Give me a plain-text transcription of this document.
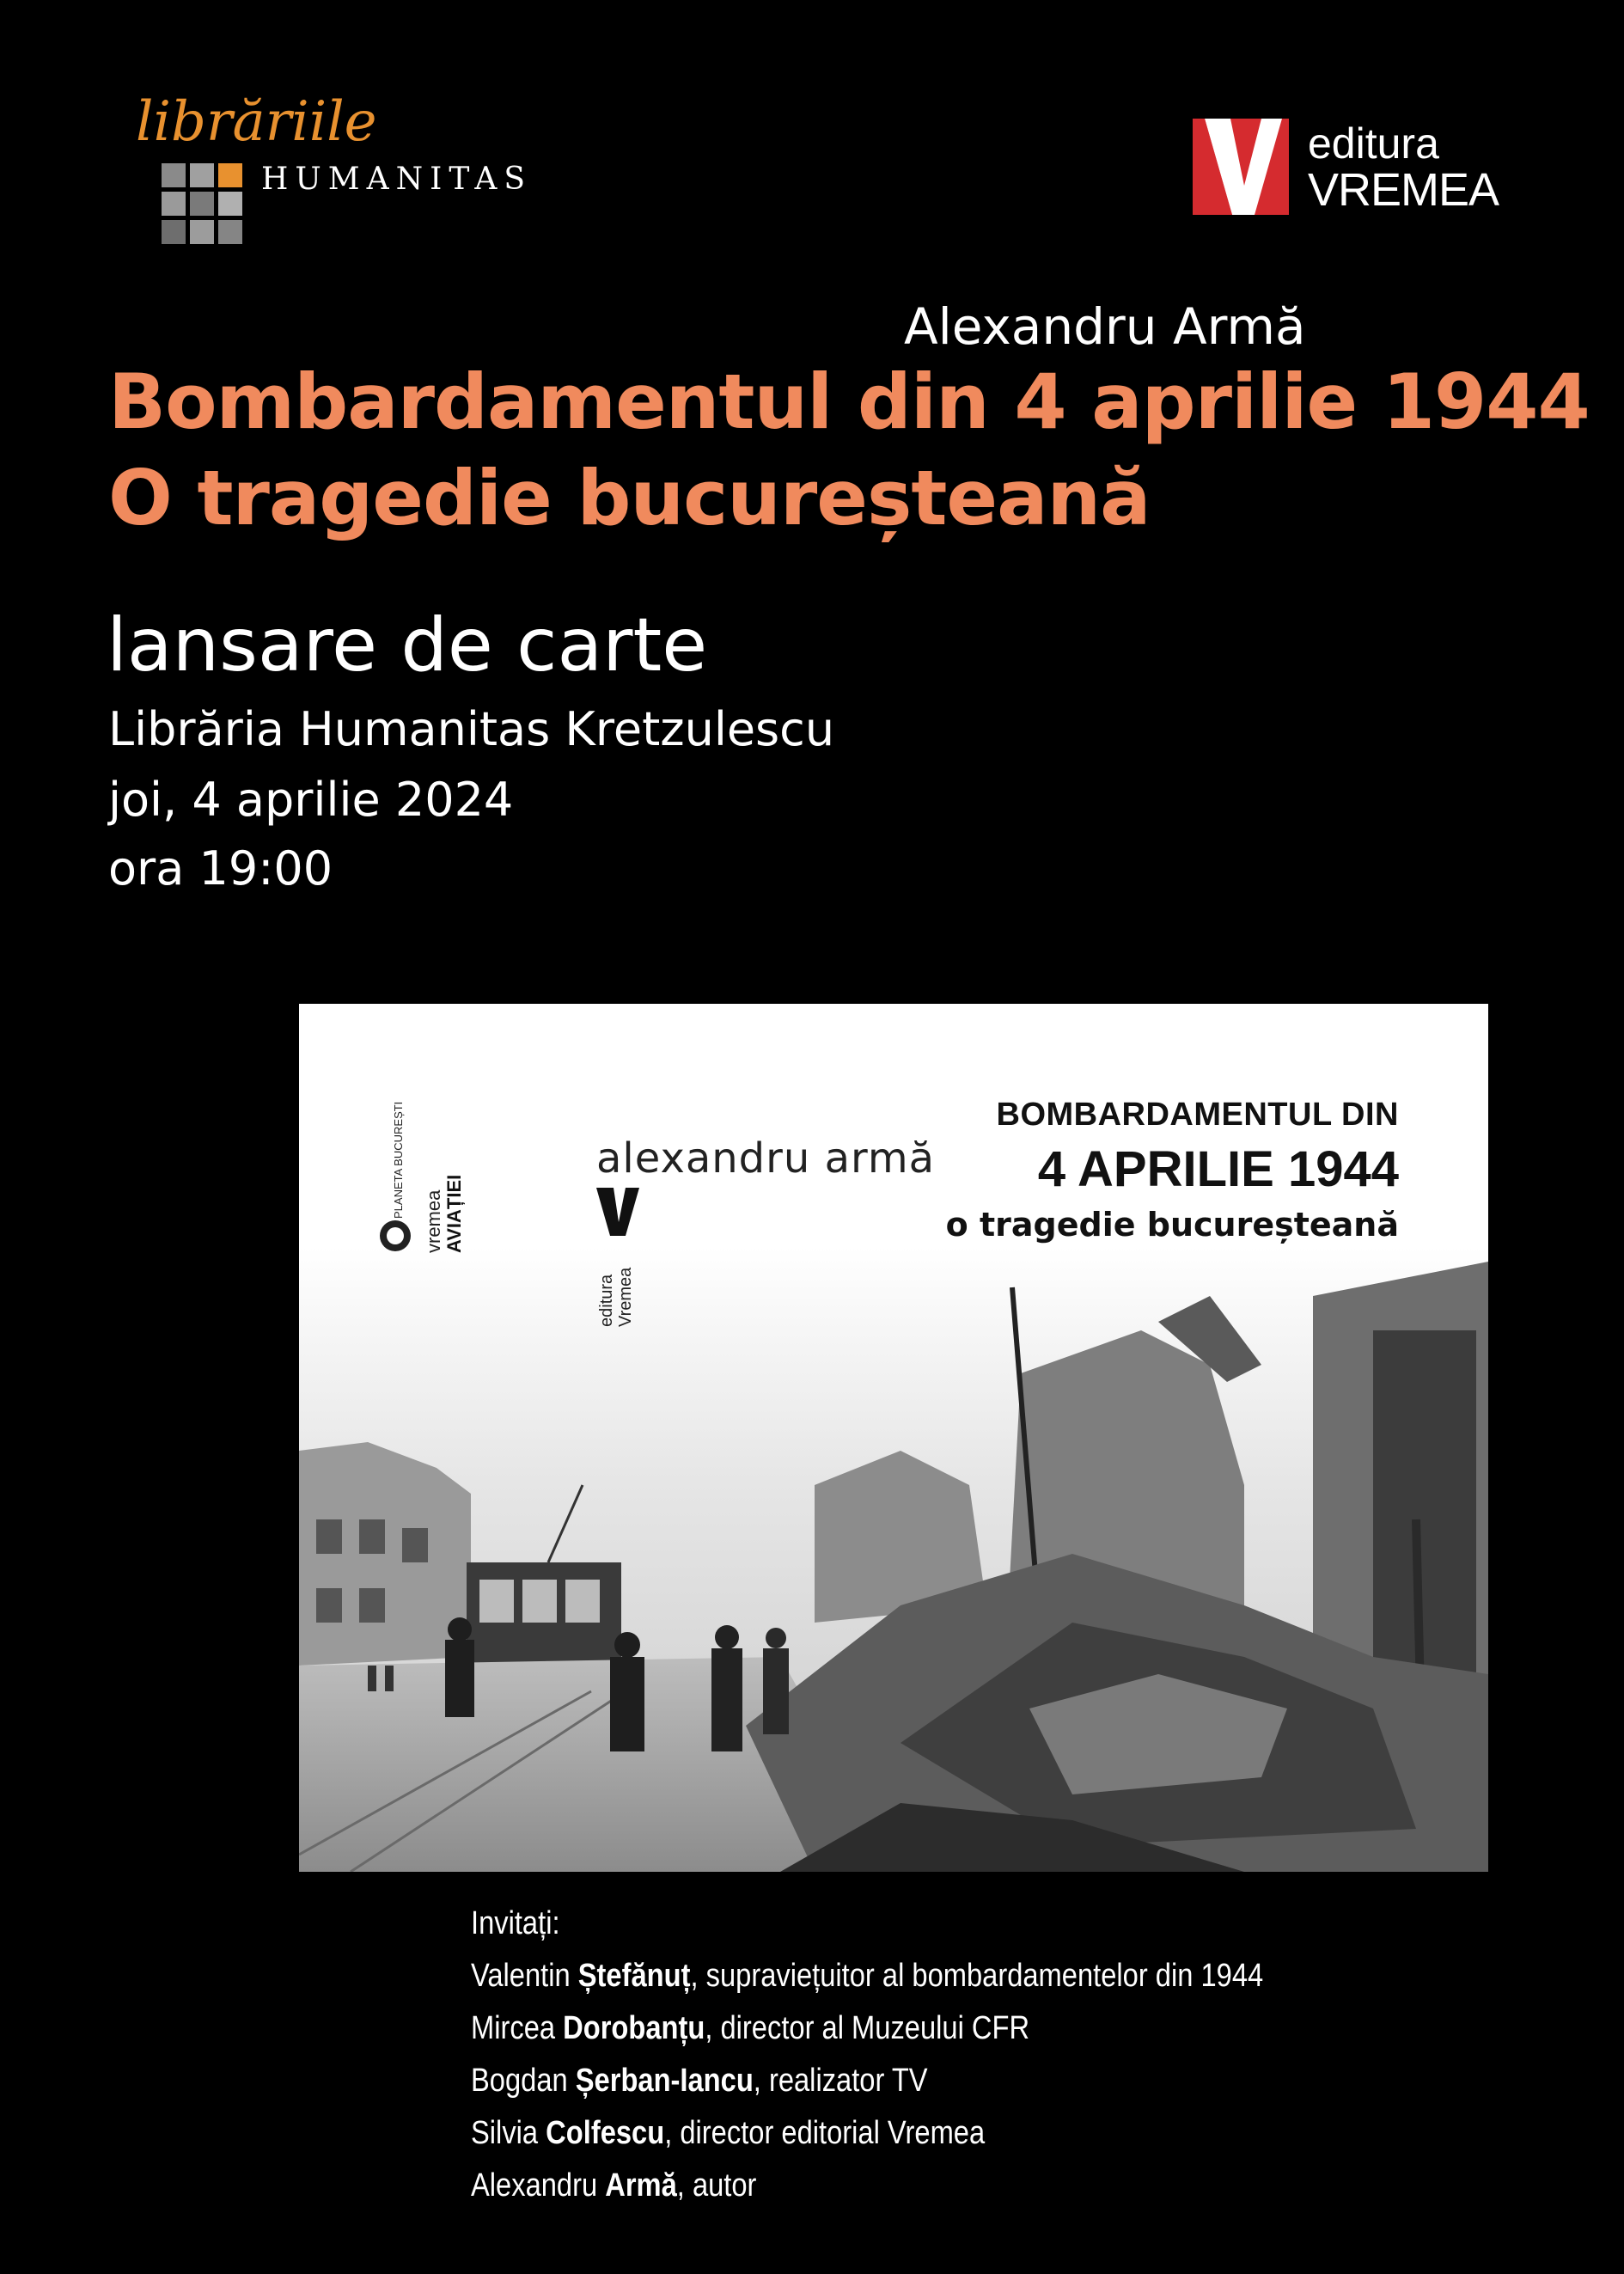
librăriile
HUMANITAS
editura
VREMEA
Alexandru Armă
Bombardamentul din 4 aprilie 1944
O tragedie bucureșteană
lansare de carte
Librăria Humanitas Kretzulescu
joi, 4 aprilie 2024
ora 19:00
PLANETA BUCUREȘTI
vremea AVIAȚIEI
alexandru armă
editura Vremea
BOMBARDAMENTUL DIN
4 APRILIE 1944
o tragedie bucureșteană
Invitați:
Valentin Ștefănuț, supraviețuitor al bombardamentelor din 1944
Mircea Dorobanțu, director al Muzeului CFR
Bogdan Șerban-Iancu, realizator TV
Silvia Colfescu, director editorial Vremea
Alexandru Armă, autor
